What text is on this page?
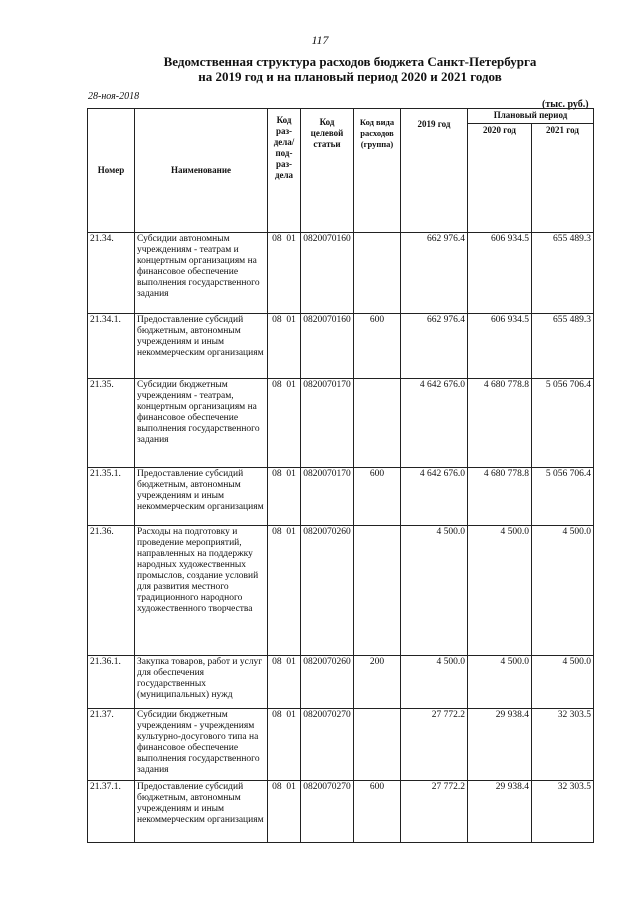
117
Ведомственная структура расходов бюджета Санкт-Петербурга
на 2019 год и на плановый период 2020 и 2021 годов
28-ноя-2018
(тыс. руб.)
Номер	Наименование	Код раз-дела/ под-раз-дела	Код целевой статьи	Код вида расходов (группа)	2019 год	Плановый период	
						2020 год	2021 год
21.34.	Субсидии автономным учреждениям - театрам и концертным организациям на финансовое обеспечение выполнения государственного задания	08 01	0820070160		662 976.4	606 934.5	655 489.3
21.34.1.	Предоставление субсидий бюджетным, автономным учреждениям и иным некоммерческим организациям	08 01	0820070160	600	662 976.4	606 934.5	655 489.3
21.35.	Субсидии бюджетным учреждениям - театрам, концертным организациям на финансовое обеспечение выполнения государственного задания	08 01	0820070170		4 642 676.0	4 680 778.8	5 056 706.4
21.35.1.	Предоставление субсидий бюджетным, автономным учреждениям и иным некоммерческим организациям	08 01	0820070170	600	4 642 676.0	4 680 778.8	5 056 706.4
21.36.	Расходы на подготовку и проведение мероприятий, направленных на поддержку народных художественных промыслов, создание условий для развития местного традиционного народного художественного творчества	08 01	0820070260		4 500.0	4 500.0	4 500.0
21.36.1.	Закупка товаров, работ и услуг для обеспечения государственных (муниципальных) нужд	08 01	0820070260	200	4 500.0	4 500.0	4 500.0
21.37.	Субсидии бюджетным учреждениям - учреждениям культурно-досугового типа на финансовое обеспечение выполнения государственного задания	08 01	0820070270		27 772.2	29 938.4	32 303.5
21.37.1.	Предоставление субсидий бюджетным, автономным учреждениям и иным некоммерческим организациям	08 01	0820070270	600	27 772.2	29 938.4	32 303.5
